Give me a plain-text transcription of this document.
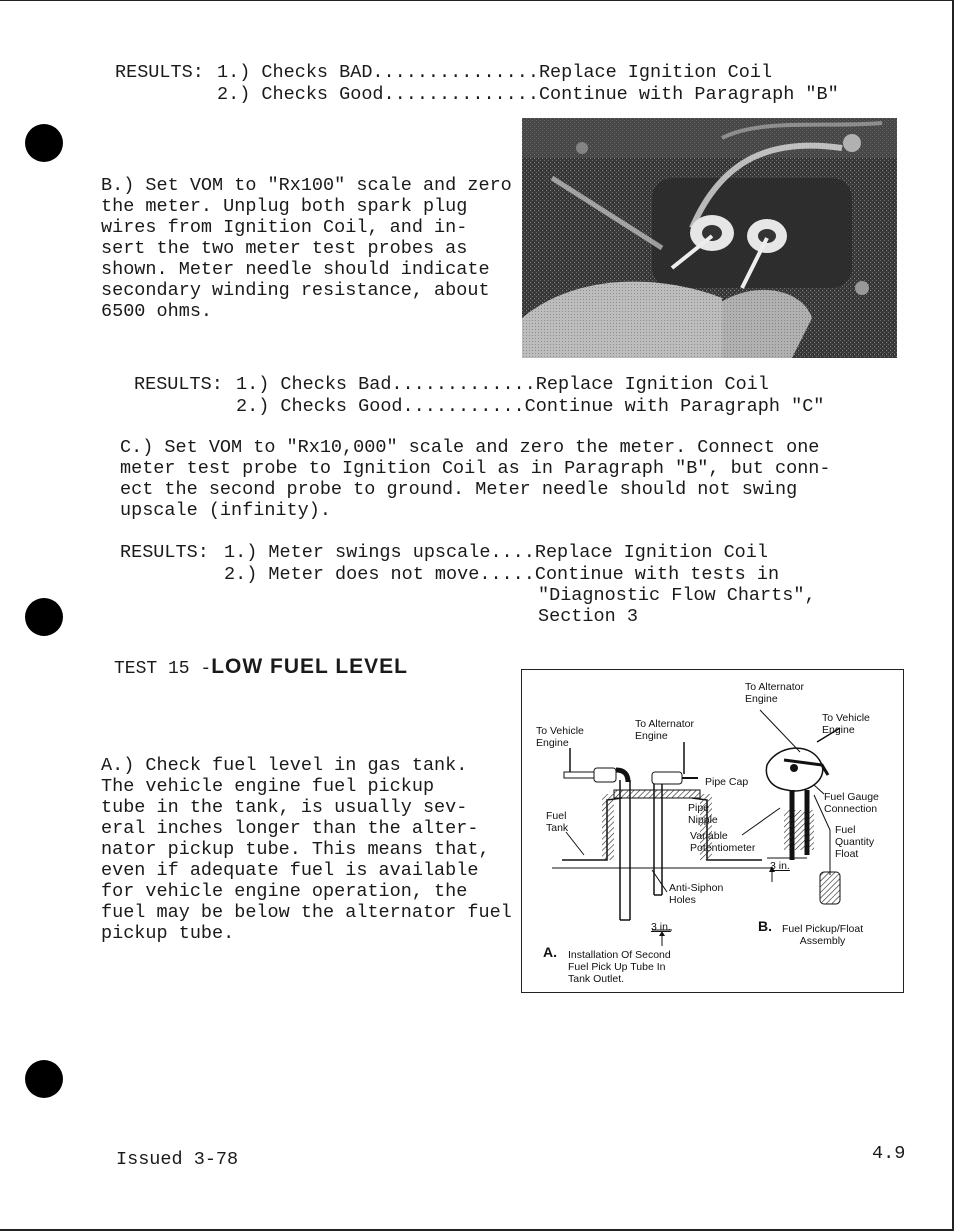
RESULTS: 1.) Checks BAD...............Replace Ignition Coil
2.) Checks Good..............Continue with Paragraph "B"
B.) Set VOM to "Rx100" scale and zero
the meter. Unplug both spark plug
wires from Ignition Coil, and in-
sert the two meter test probes as
shown. Meter needle should indicate
secondary winding resistance, about
6500 ohms.
RESULTS: 1.) Checks Bad.............Replace Ignition Coil
2.) Checks Good...........Continue with Paragraph "C"
C.) Set VOM to "Rx10,000" scale and zero the meter. Connect one
meter test probe to Ignition Coil as in Paragraph "B", but conn-
ect the second probe to ground. Meter needle should not swing
upscale (infinity).
RESULTS: 1.) Meter swings upscale....Replace Ignition Coil
2.) Meter does not move.....Continue with tests in
"Diagnostic Flow Charts",
Section 3
TEST 15 -LOW FUEL LEVEL
A.) Check fuel level in gas tank.
The vehicle engine fuel pickup
tube in the tank, is usually sev-
eral inches longer than the alter-
nator pickup tube. This means that,
even if adequate fuel is available
for vehicle engine operation, the
fuel may be below the alternator fuel
pickup tube.
To Vehicle
Engine
To Alternator
Engine
Pipe Cap
Fuel
Tank
Pipe
Nipple
Anti-Siphon
Holes
3 in.
A. Installation Of Second
Fuel Pick Up Tube In
Tank Outlet.
To Alternator
Engine
To Vehicle
Engine
Fuel Gauge
Connection
Variable
Potentiometer
Fuel
Quantity
Float
3 in.
B. Fuel Pickup/Float
Assembly
Issued 3-78	4.9
